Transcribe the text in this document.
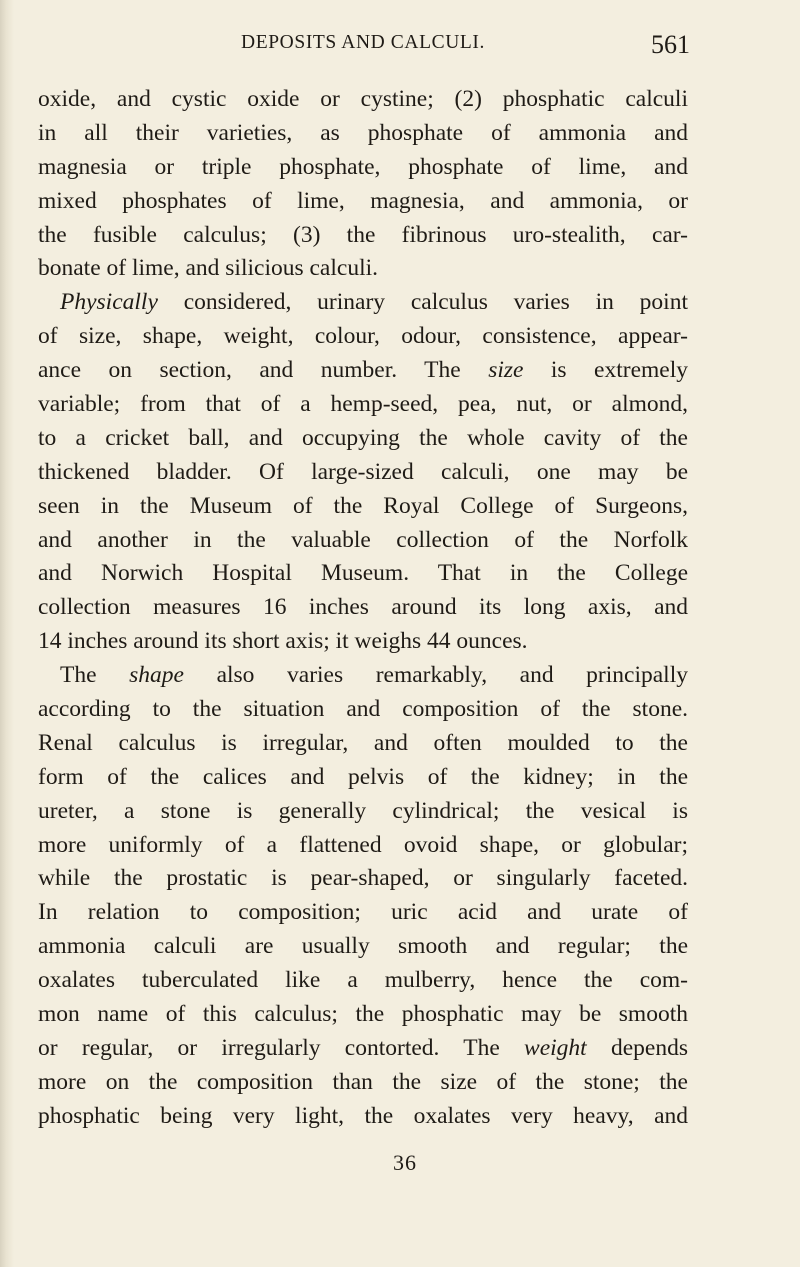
DEPOSITS AND CALCULI.	561
oxide, and cystic oxide or cystine; (2) phosphatic calculi
in all their varieties, as phosphate of ammonia and
magnesia or triple phosphate, phosphate of lime, and
mixed phosphates of lime, magnesia, and ammonia, or
the fusible calculus; (3) the fibrinous uro-stealith, car-
bonate of lime, and silicious calculi.
Physically considered, urinary calculus varies in point
of size, shape, weight, colour, odour, consistence, appear-
ance on section, and number. The size is extremely
variable; from that of a hemp-seed, pea, nut, or almond,
to a cricket ball, and occupying the whole cavity of the
thickened bladder. Of large-sized calculi, one may be
seen in the Museum of the Royal College of Surgeons,
and another in the valuable collection of the Norfolk
and Norwich Hospital Museum. That in the College
collection measures 16 inches around its long axis, and
14 inches around its short axis; it weighs 44 ounces.
The shape also varies remarkably, and principally
according to the situation and composition of the stone.
Renal calculus is irregular, and often moulded to the
form of the calices and pelvis of the kidney; in the
ureter, a stone is generally cylindrical; the vesical is
more uniformly of a flattened ovoid shape, or globular;
while the prostatic is pear-shaped, or singularly faceted.
In relation to composition; uric acid and urate of
ammonia calculi are usually smooth and regular; the
oxalates tuberculated like a mulberry, hence the com-
mon name of this calculus; the phosphatic may be smooth
or regular, or irregularly contorted. The weight depends
more on the composition than the size of the stone; the
phosphatic being very light, the oxalates very heavy, and
36
